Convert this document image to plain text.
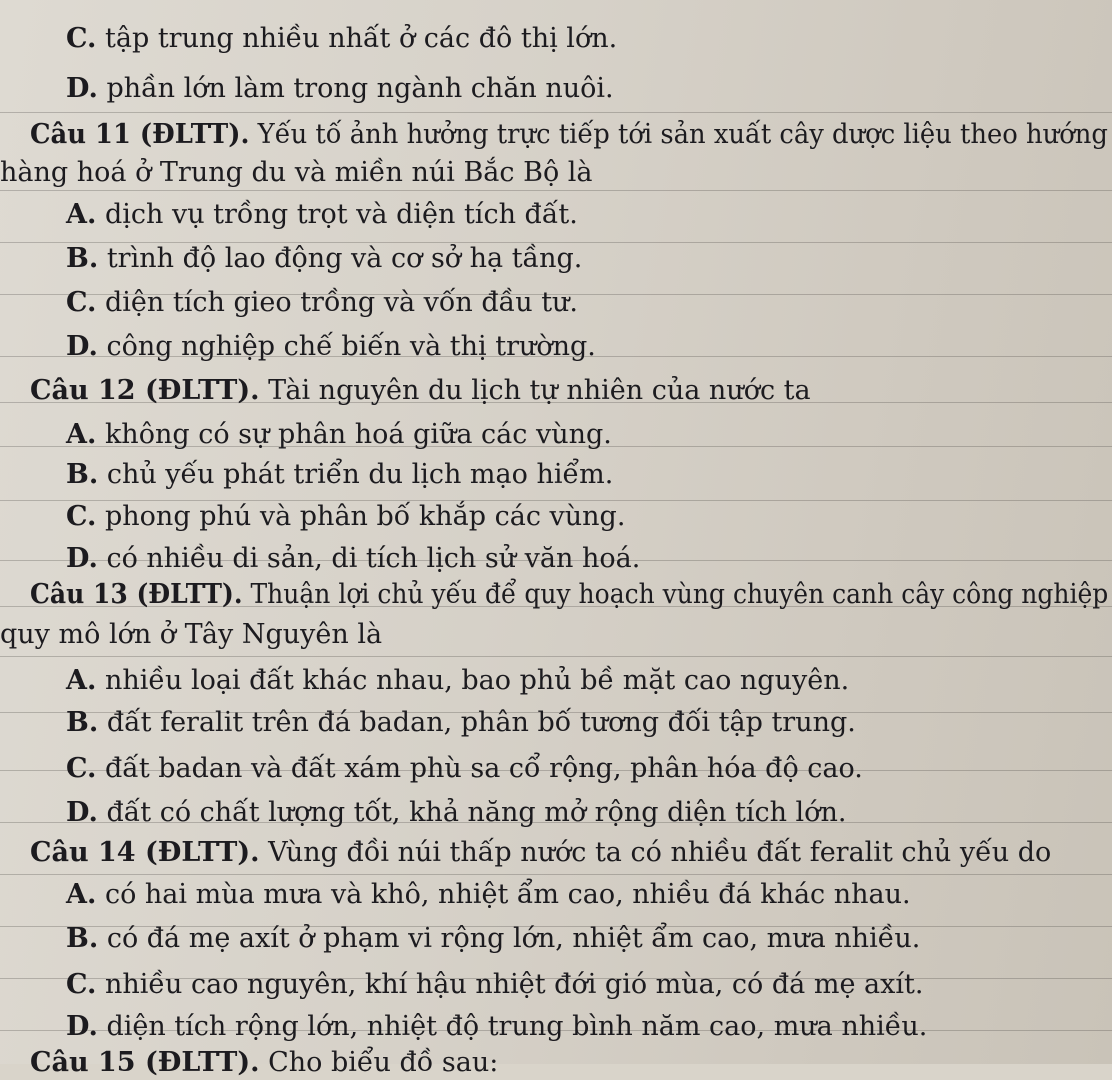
C. tập trung nhiều nhất ở các đô thị lớn.
D. phần lớn làm trong ngành chăn nuôi.
Câu 11 (ĐLTT). Yếu tố ảnh hưởng trực tiếp tới sản xuất cây dược liệu theo hướng
hàng hoá ở Trung du và miền núi Bắc Bộ là
A. dịch vụ trồng trọt và diện tích đất.
B. trình độ lao động và cơ sở hạ tầng.
C. diện tích gieo trồng và vốn đầu tư.
D. công nghiệp chế biến và thị trường.
Câu 12 (ĐLTT). Tài nguyên du lịch tự nhiên của nước ta
A. không có sự phân hoá giữa các vùng.
B. chủ yếu phát triển du lịch mạo hiểm.
C. phong phú và phân bố khắp các vùng.
D. có nhiều di sản, di tích lịch sử văn hoá.
Câu 13 (ĐLTT). Thuận lợi chủ yếu để quy hoạch vùng chuyên canh cây công nghiệp
quy mô lớn ở Tây Nguyên là
A. nhiều loại đất khác nhau, bao phủ bề mặt cao nguyên.
B. đất feralit trên đá badan, phân bố tương đối tập trung.
C. đất badan và đất xám phù sa cổ rộng, phân hóa độ cao.
D. đất có chất lượng tốt, khả năng mở rộng diện tích lớn.
Câu 14 (ĐLTT). Vùng đồi núi thấp nước ta có nhiều đất feralit chủ yếu do
A. có hai mùa mưa và khô, nhiệt ẩm cao, nhiều đá khác nhau.
B. có đá mẹ axít ở phạm vi rộng lớn, nhiệt ẩm cao, mưa nhiều.
C. nhiều cao nguyên, khí hậu nhiệt đới gió mùa, có đá mẹ axít.
D. diện tích rộng lớn, nhiệt độ trung bình năm cao, mưa nhiều.
Câu 15 (ĐLTT). Cho biểu đồ sau:
